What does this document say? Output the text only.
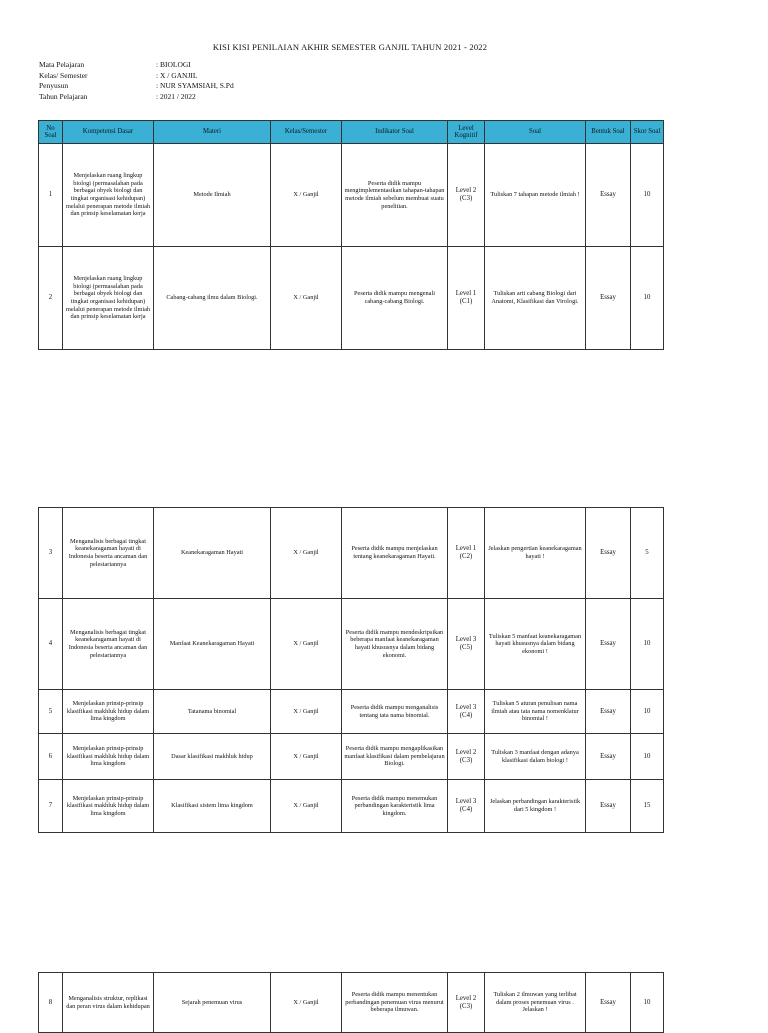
KISI KISI PENILAIAN AKHIR SEMESTER GANJIL TAHUN 2021 - 2022
Mata Pelajaran	: BIOLOGI
Kelas/ Semester	: X / GANJIL
Penyusun	: NUR SYAMSIAH, S.Pd
Tahun Pelajaran	: 2021 / 2022
No Soal	Kompetensi Dasar	Materi	Kelas/Semester	Indikator Soal	Level Kognitif	Soal	Bentuk Soal	Skor Soal
1	Menjelaskan ruang lingkup biologi (permasalahan pada berbagai obyek biologi dan tingkat organisasi kehidupan) melalui penerapan metode ilmiah dan prinsip keselamatan kerja	Metode Ilmiah	X / Ganjil	Peserta didik mampu mengimplementasikan tahapan-tahapan metode ilmiah sebelum membuat suatu penelitian.	Level 2 (C3)	Tuliskan 7 tahapan metode ilmiah !	Essay	10
2	Menjelaskan ruang lingkup biologi (permasalahan pada berbagai obyek biologi dan tingkat organisasi kehidupan) melalui penerapan metode ilmiah dan prinsip keselamatan kerja	Cabang-cabang ilmu dalam Biologi.	X / Ganjil	Peserta didik mampu mengenali cabang-cabang Biologi.	Level 1 (C1)	Tuliskan arti cabang Biologi dari Anatomi, Klasifikasi dan Virologi.	Essay	10
3	Menganalisis berbagai tingkat keanekaragaman hayati di Indonesia beserta ancaman dan pelestariannya	Keanekaragaman Hayati	X / Ganjil	Peserta didik mampu menjelaskan tentang keanekaragaman Hayati.	Level 1 (C2)	Jelaskan pengertian keanekaragaman hayati !	Essay	5
4	Menganalisis berbagai tingkat keanekaragaman hayati di Indonesia beserta ancaman dan pelestariannya	Manfaat Keanekaragaman Hayati	X / Ganjil	Peserta didik mampu mendeskripsikan beberapa manfaat keanekaragaman hayati khususnya dalam bidang ekonomi.	Level 3 (C5)	Tuliskan 5 manfaat keanekaragaman hayati khususnya dalam bidang ekonomi !	Essay	10
5	Menjelaskan prinsip-prinsip klasifikasi makhluk hidup dalam lima kingdom	Tatanama binomial	X / Ganjil	Peserta didik mampu menganalisis tentang tata nama binomial.	Level 3 (C4)	Tuliskan 5 aturan penulisan nama ilmiah atau tata nama nomenklatur binomial !	Essay	10
6	Menjelaskan prinsip-prinsip klasifikasi makhluk hidup dalam lima kingdom	Dasar klasifikasi makhluk hidup	X / Ganjil	Peserta didik mampu mengaplikasikan manfaat klasifikasi dalam pembelajaran Biologi.	Level 2 (C3)	Tuliskan 3 manfaat dengan adanya klasifikasi dalam biologi !	Essay	10
7	Menjelaskan prinsip-prinsip klasifikasi makhluk hidup dalam lima kingdom	Klasifikasi sistem lima kingdom	X / Ganjil	Peserta didik mampu menemukan perbandingan karakteristik lima kingdom.	Level 3 (C4)	Jelaskan perbandingan karakteristik dari 5 kingdom !	Essay	15
8	Menganalisis struktur, replikasi dan peran virus dalam kehidupan	Sejarah penemuan virus	X / Ganjil	Peserta didik mampu menentukan perbandingan penemuan virus menurut beberapa ilmuwan.	Level 2 (C3)	Tuliskan 2 ilmuwan yang terlibat dalam proses penemuan virus . Jelaskan !	Essay	10
